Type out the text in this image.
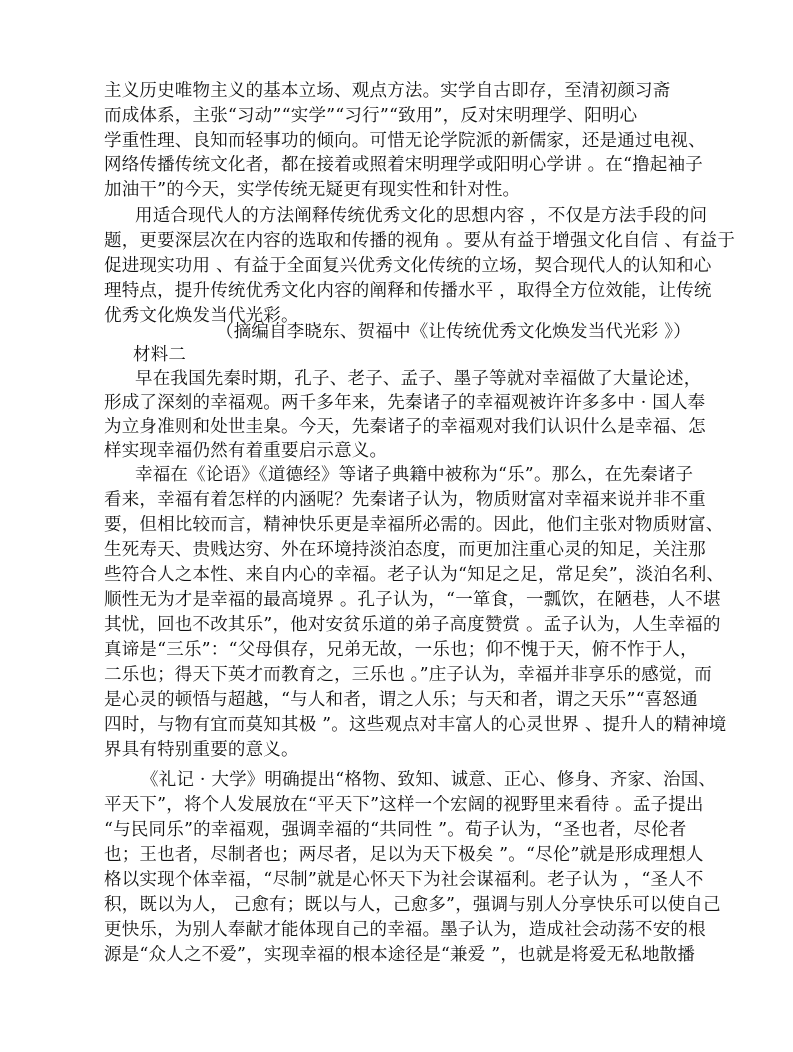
主义历史唯物主义的基本立场、观点方法。实学自古即存，至清初颜习斋
而成体系，主张“习动”“实学”“习行”“致用”，反对宋明理学、阳明心
学重性理、良知而轻事功的倾向。可惜无论学院派的新儒家，还是通过电视、
网络传播传统文化者，都在接着或照着宋明理学或阳明心学讲 。在“撸起袖子
加油干”的今天，实学传统无疑更有现实性和针对性。
用适合现代人的方法阐释传统优秀文化的思想内容 ，不仅是方法手段的问
题，更要深层次在内容的选取和传播的视角 。要从有益于增强文化自信 、有益于
促进现实功用 、有益于全面复兴优秀文化传统的立场，契合现代人的认知和心
理特点，提升传统优秀文化内容的阐释和传播水平 ，取得全方位效能，让传统
优秀文化焕发当代光彩。
（摘编自李晓东、贺福中《让传统优秀文化焕发当代光彩 》）
材料二
早在我国先秦时期，孔子、老子、孟子、墨子等就对幸福做了大量论述，
形成了深刻的幸福观。两千多年来，先秦诸子的幸福观被许许多多中 · 国人奉
为立身准则和处世圭臬。今天，先秦诸子的幸福观对我们认识什么是幸福、怎
样实现幸福仍然有着重要启示意义。
幸福在《论语》《道德经》等诸子典籍中被称为“乐”。那么，在先秦诸子
看来，幸福有着怎样的内涵呢？先秦诸子认为，物质财富对幸福来说并非不重
要，但相比较而言，精神快乐更是幸福所必需的。因此，他们主张对物质财富、
生死寿天、贵贱达穷、外在环境持淡泊态度，而更加注重心灵的知足，关注那
些符合人之本性、来自内心的幸福。老子认为“知足之足，常足矣”，淡泊名利、
顺性无为才是幸福的最高境界 。孔子认为，“一箪食，一瓢饮，在陋巷，人不堪
其忧，回也不改其乐”，他对安贫乐道的弟子高度赞赏 。孟子认为，人生幸福的
真谛是“三乐”：“父母俱存，兄弟无故，一乐也；仰不愧于天，俯不怍于人，
二乐也；得天下英才而教育之，三乐也 。”庄子认为，幸福并非享乐的感觉，而
是心灵的顿悟与超越，“与人和者，谓之人乐；与天和者，谓之天乐”“喜怒通
四时，与物有宜而莫知其极 ”。这些观点对丰富人的心灵世界 、提升人的精神境
界具有特别重要的意义。
《礼记 · 大学》明确提出“格物、致知、诚意、正心、修身、齐家、治国、
平天下”，将个人发展放在“平天下”这样一个宏阔的视野里来看待 。孟子提出
“与民同乐”的幸福观，强调幸福的“共同性 ”。荀子认为，“圣也者，尽伦者
也；王也者，尽制者也；两尽者，足以为天下极矣 ”。“尽伦”就是形成理想人
格以实现个体幸福，“尽制”就是心怀天下为社会谋福利。老子认为 ，“圣人不
积，既以为人， 己愈有；既以与人，己愈多”，强调与别人分享快乐可以使自己
更快乐，为别人奉献才能体现自己的幸福。墨子认为，造成社会动荡不安的根
源是“众人之不爱”，实现幸福的根本途径是“兼爱 ”，也就是将爱无私地散播
